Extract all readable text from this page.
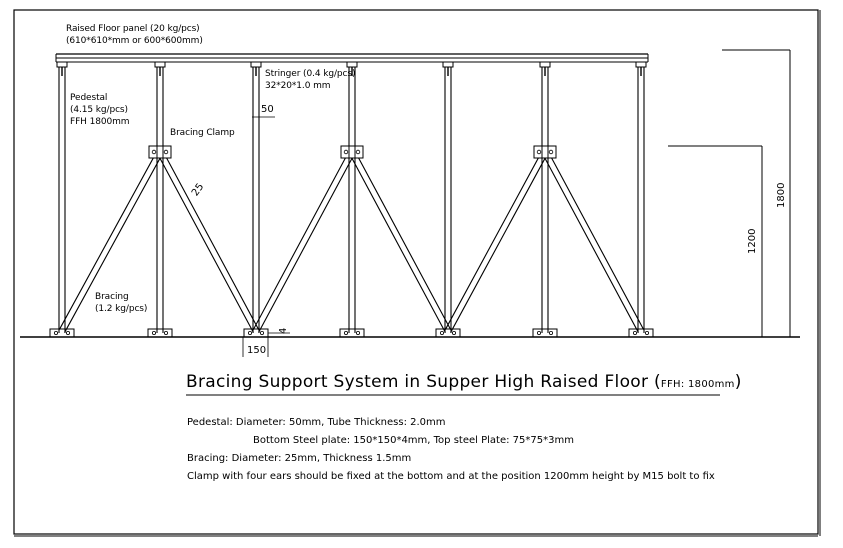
Raised Floor panel (20 kg/pcs)
(610*610*mm or 600*600mm)
Pedestal
(4.15 kg/pcs)
FFH 1800mm
Stringer (0.4 kg/pcs)
32*20*1.0 mm
Bracing Clamp
Bracing
(1.2 kg/pcs)
50
25
4
150
1200
1800
Bracing Support System in Supper High Raised Floor (FFH: 1800mm)
Pedestal: Diameter: 50mm, Tube Thickness: 2.0mm
Bottom Steel plate: 150*150*4mm, Top steel Plate: 75*75*3mm
Bracing: Diameter: 25mm, Thickness 1.5mm
Clamp with four ears should be fixed at the bottom and at the position 1200mm height by M15 bolt to fix
